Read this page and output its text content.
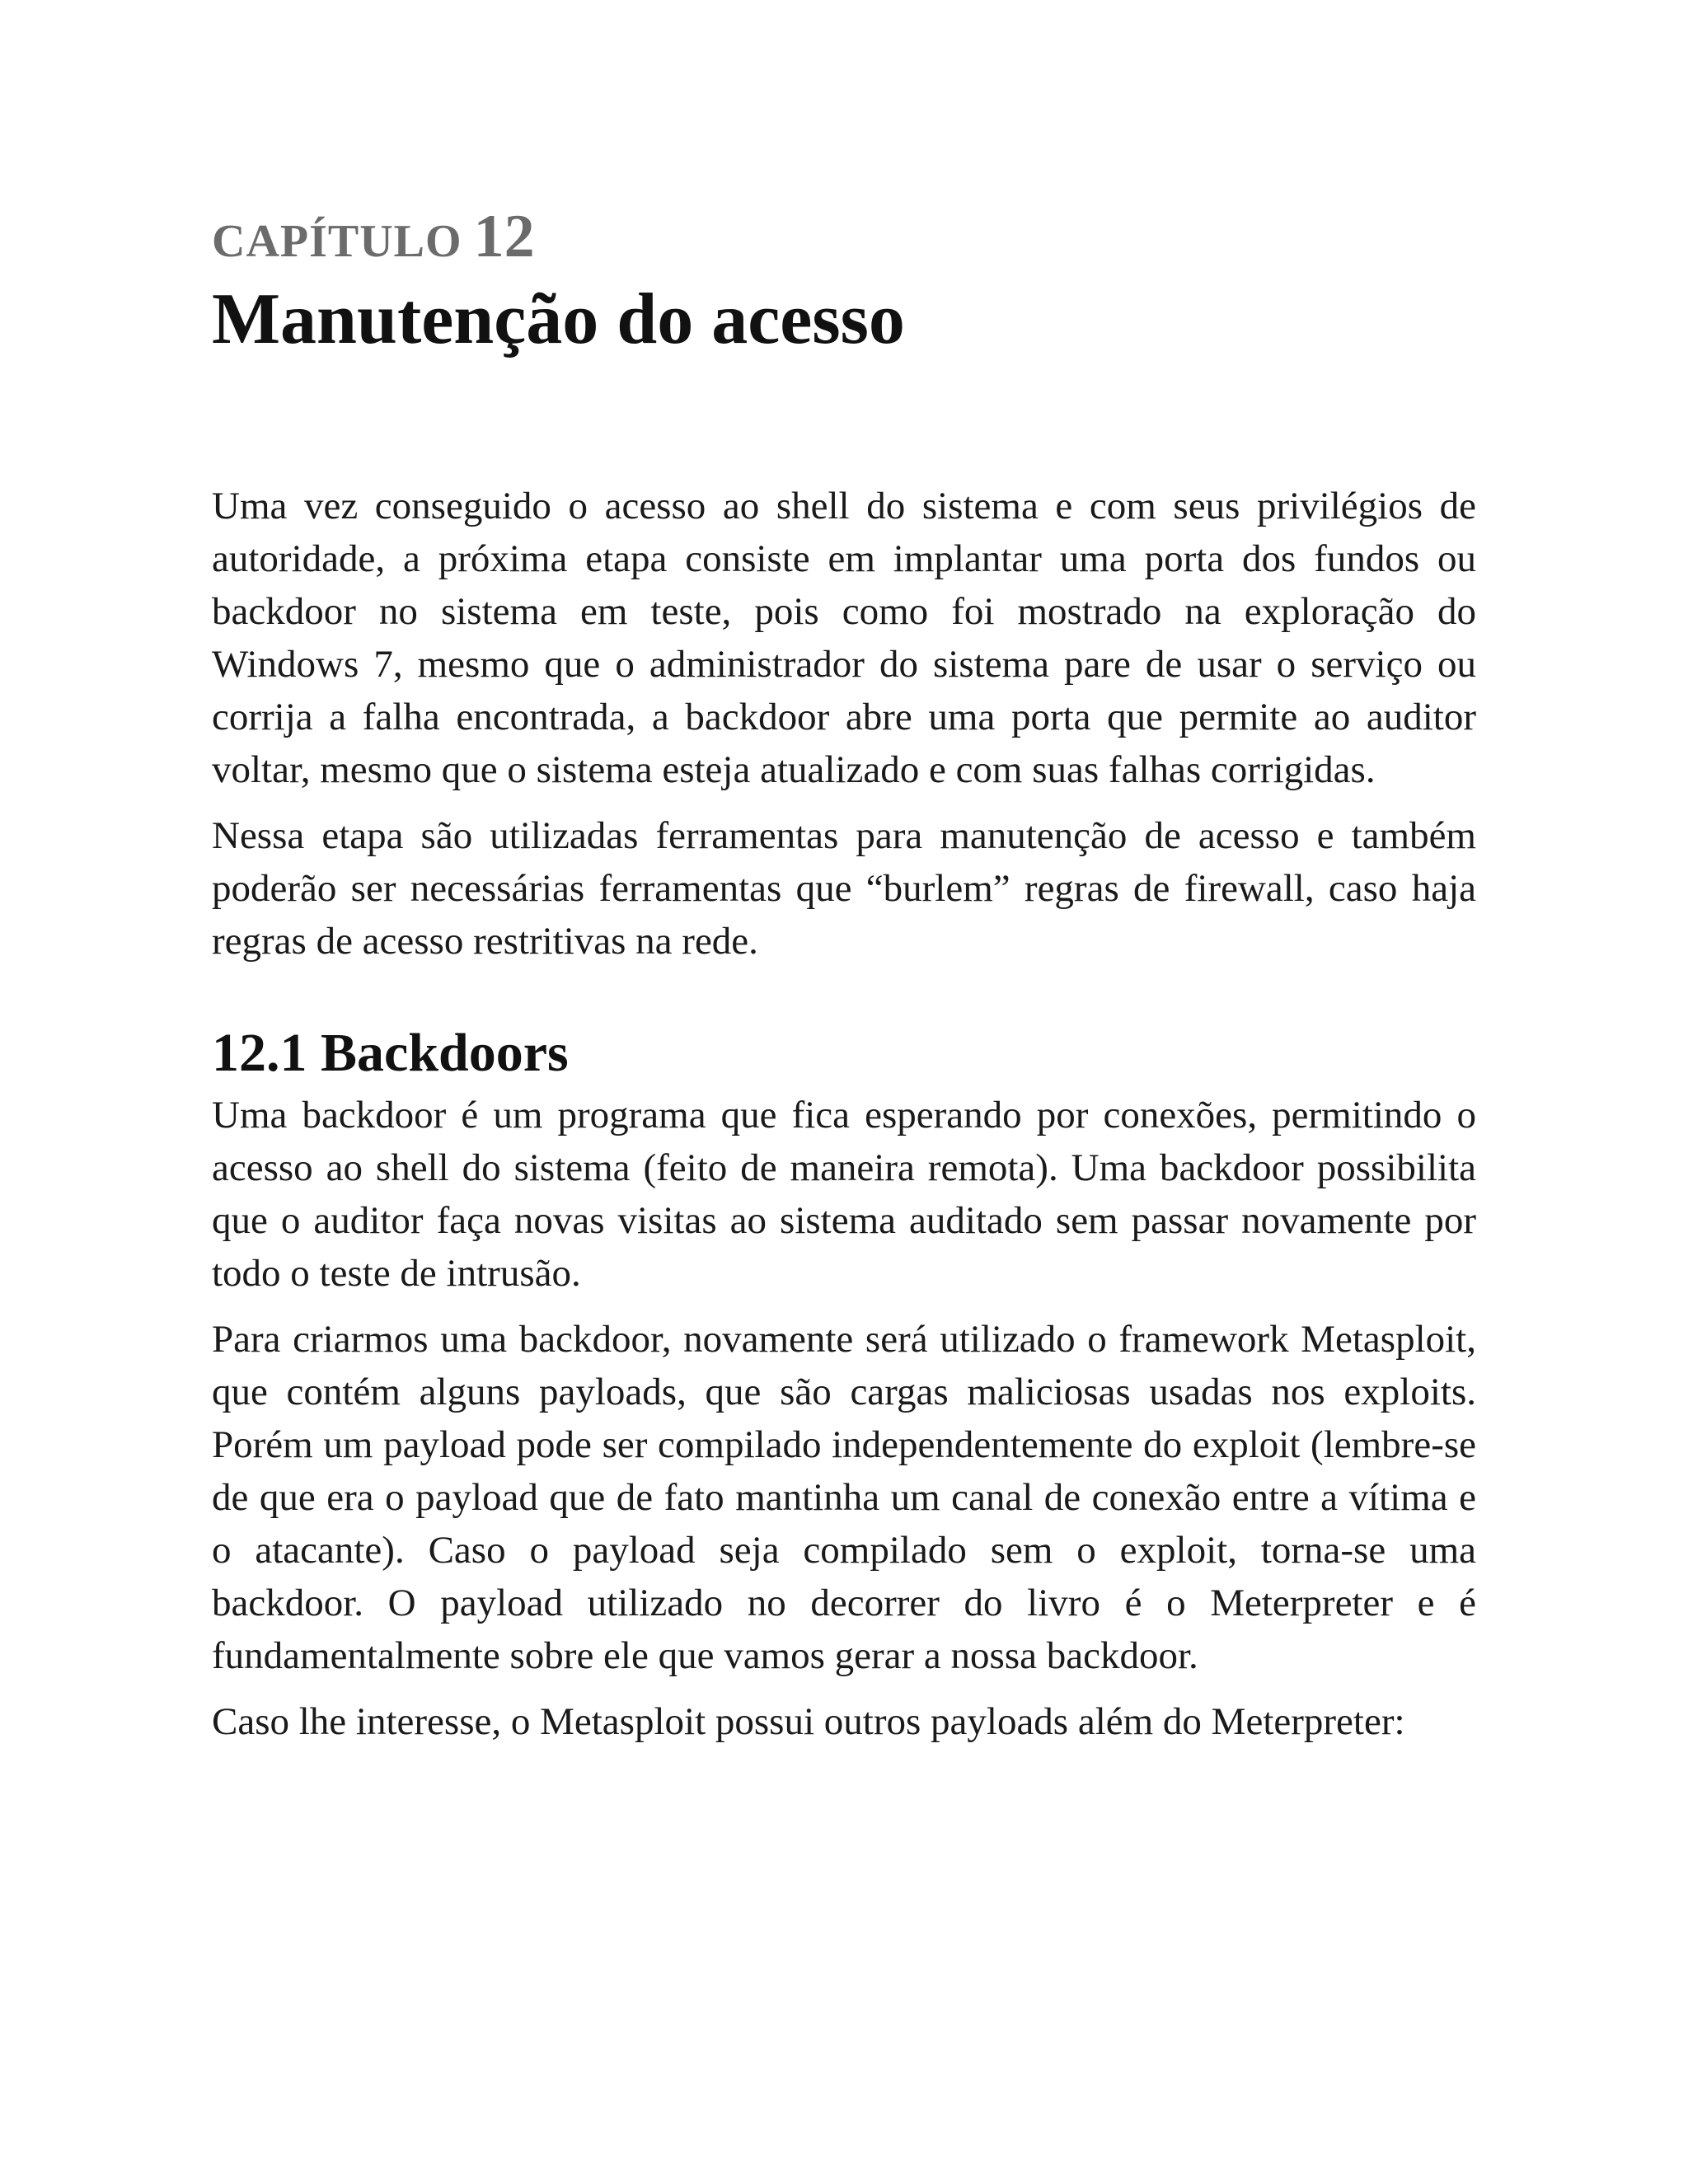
CAPÍTULO 12
Manutenção do acesso

Uma vez conseguido o acesso ao shell do sistema e com seus privilégios de autoridade, a próxima etapa consiste em implantar uma porta dos fundos ou backdoor no sistema em teste, pois como foi mostrado na exploração do Windows 7, mesmo que o administrador do sistema pare de usar o serviço ou corrija a falha encontrada, a backdoor abre uma porta que permite ao auditor voltar, mesmo que o sistema esteja atualizado e com suas falhas corrigidas.

Nessa etapa são utilizadas ferramentas para manutenção de acesso e também poderão ser necessárias ferramentas que “burlem” regras de firewall, caso haja regras de acesso restritivas na rede.

12.1 Backdoors

Uma backdoor é um programa que fica esperando por conexões, permitindo o acesso ao shell do sistema (feito de maneira remota). Uma backdoor possibilita que o auditor faça novas visitas ao sistema auditado sem passar novamente por todo o teste de intrusão.

Para criarmos uma backdoor, novamente será utilizado o framework Metasploit, que contém alguns payloads, que são cargas maliciosas usadas nos exploits. Porém um payload pode ser compilado independentemente do exploit (lembre-se de que era o payload que de fato mantinha um canal de conexão entre a vítima e o atacante). Caso o payload seja compilado sem o exploit, torna-se uma backdoor. O payload utilizado no decorrer do livro é o Meterpreter e é fundamentalmente sobre ele que vamos gerar a nossa backdoor.

Caso lhe interesse, o Metasploit possui outros payloads além do Meterpreter:
